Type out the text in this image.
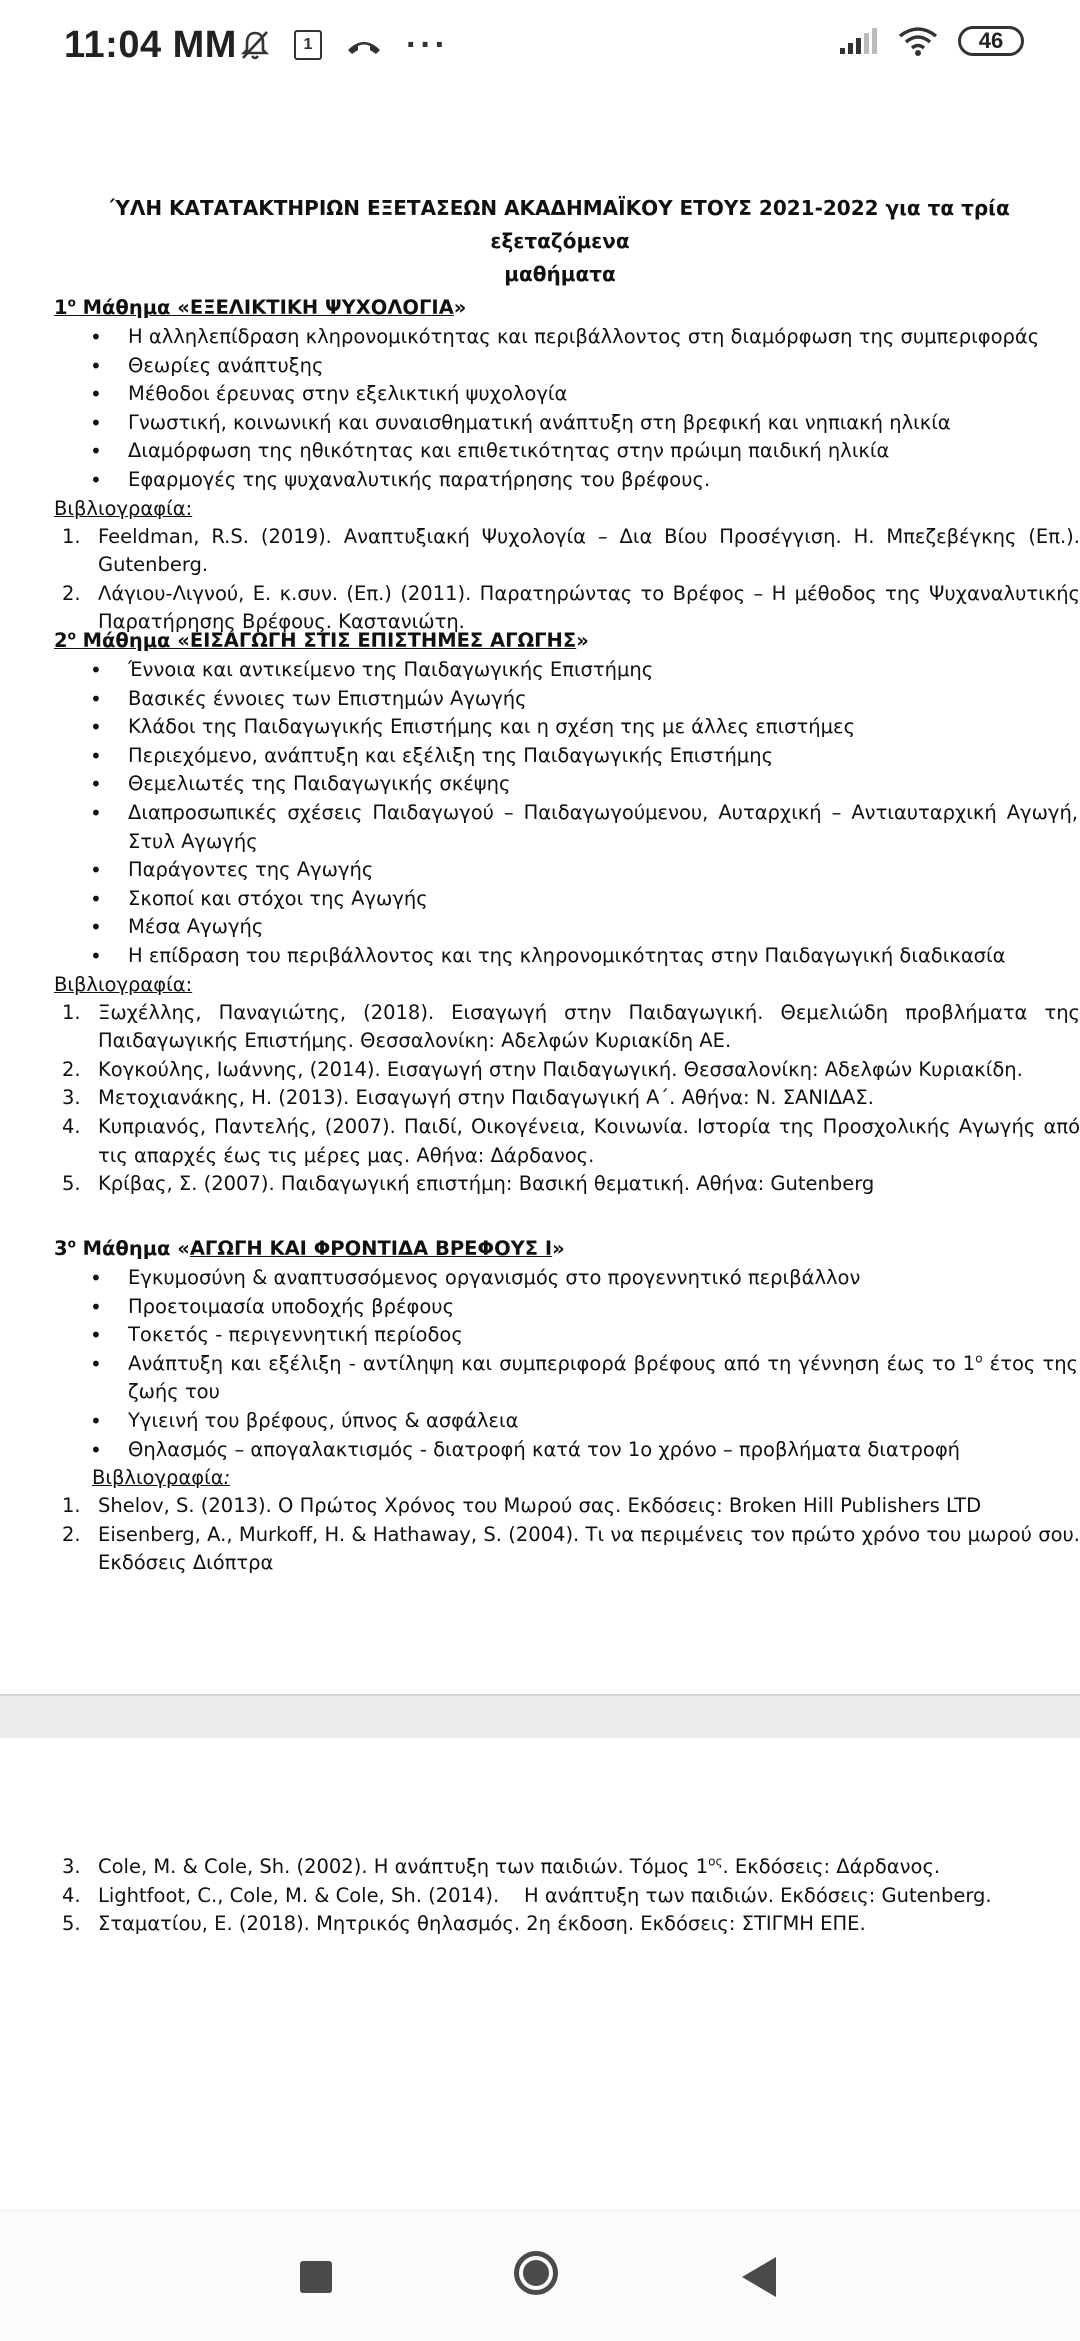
11:04 ΜΜ	1	···	46
ΎΛΗ ΚΑΤΑΤΑΚΤΗΡΙΩΝ ΕΞΕΤΑΣΕΩΝ ΑΚΑΔΗΜΑΪΚΟΥ ΕΤΟΥΣ 2021-2022 για τα τρία εξεταζόμενα
μαθήματα
$1^o$ Μάθημα «ΕΞΕΛΙΚΤΙΚΗ ΨΥΧΟΛΟΓΙΑ»
• Η αλληλεπίδραση κληρονομικότητας και περιβάλλοντος στη διαμόρφωση της συμπεριφοράς
• Θεωρίες ανάπτυξης
• Μέθοδοι έρευνας στην εξελικτική ψυχολογία
• Γνωστική, κοινωνική και συναισθηματική ανάπτυξη στη βρεφική και νηπιακή ηλικία
• Διαμόρφωση της ηθικότητας και επιθετικότητας στην πρώιμη παιδική ηλικία
• Εφαρμογές της ψυχαναλυτικής παρατήρησης του βρέφους.
Βιβλιογραφία:
1. Feeldman, R.S. (2019). Αναπτυξιακή Ψυχολογία – Δια Βίου Προσέγγιση. Η. Μπεζεβέγκης (Επ.). Gutenberg.
2. Λάγιου-Λιγνού, Ε. κ.συν. (Επ.) (2011). Παρατηρώντας το Βρέφος – Η μέθοδος της Ψυχαναλυτικής Παρατήρησης Βρέφους. Καστανιώτη.
$2^o$ Μάθημα «ΕΙΣΑΓΩΓΗ ΣΤΙΣ ΕΠΙΣΤΗΜΕΣ ΑΓΩΓΗΣ»
• Έννοια και αντικείμενο της Παιδαγωγικής Επιστήμης
• Βασικές έννοιες των Επιστημών Αγωγής
• Κλάδοι της Παιδαγωγικής Επιστήμης και η σχέση της με άλλες επιστήμες
• Περιεχόμενο, ανάπτυξη και εξέλιξη της Παιδαγωγικής Επιστήμης
• Θεμελιωτές της Παιδαγωγικής σκέψης
• Διαπροσωπικές σχέσεις Παιδαγωγού – Παιδαγωγούμενου, Αυταρχική – Αντιαυταρχική Αγωγή, Στυλ Αγωγής
• Παράγοντες της Αγωγής
• Σκοποί και στόχοι της Αγωγής
• Μέσα Αγωγής
• Η επίδραση του περιβάλλοντος και της κληρονομικότητας στην Παιδαγωγική διαδικασία
Βιβλιογραφία:
1. Ξωχέλλης, Παναγιώτης, (2018). Εισαγωγή στην Παιδαγωγική. Θεμελιώδη προβλήματα της Παιδαγωγικής Επιστήμης. Θεσσαλονίκη: Αδελφών Κυριακίδη ΑΕ.
2. Κογκούλης, Ιωάννης, (2014). Εισαγωγή στην Παιδαγωγική. Θεσσαλονίκη: Αδελφών Κυριακίδη.
3. Μετοχιανάκης, Η. (2013). Εισαγωγή στην Παιδαγωγική Α΄. Αθήνα: Ν. ΣΑΝΙΔΑΣ.
4. Κυπριανός, Παντελής, (2007). Παιδί, Οικογένεια, Κοινωνία. Ιστορία της Προσχολικής Αγωγής από τις απαρχές έως τις μέρες μας. Αθήνα: Δάρδανος.
5. Κρίβας, Σ. (2007). Παιδαγωγική επιστήμη: Βασική θεματική. Αθήνα: Gutenberg
$3^o$ Μάθημα «ΑΓΩΓΗ ΚΑΙ ΦΡΟΝΤΙΔΑ ΒΡΕΦΟΥΣ Ι»
• Εγκυμοσύνη & αναπτυσσόμενος οργανισμός στο προγεννητικό περιβάλλον
• Προετοιμασία υποδοχής βρέφους
• Τοκετός - περιγεννητική περίοδος
• Ανάπτυξη και εξέλιξη - αντίληψη και συμπεριφορά βρέφους από τη γέννηση έως το $1^o$ έτος της ζωής του
• Υγιεινή του βρέφους, ύπνος & ασφάλεια
• Θηλασμός – απογαλακτισμός - διατροφή κατά τον 1ο χρόνο – προβλήματα διατροφή
Βιβλιογραφία:
1. Shelov, S. (2013). Ο Πρώτος Χρόνος του Μωρού σας. Εκδόσεις: Broken Hill Publishers LTD
2. Eisenberg, A., Murkoff, H. & Hathaway, S. (2004). Τι να περιμένεις τον πρώτο χρόνο του μωρού σου. Εκδόσεις Διόπτρα
3. Cole, M. & Cole, Sh. (2002). Η ανάπτυξη των παιδιών. Τόμος $1^{o\varsigma}$. Εκδόσεις: Δάρδανος.
4. Lightfoot, C., Cole, M. & Cole, Sh. (2014).    Η ανάπτυξη των παιδιών. Εκδόσεις: Gutenberg.
5. Σταματίου, Ε. (2018). Μητρικός θηλασμός. 2η έκδοση. Εκδόσεις: ΣΤΙΓΜΗ ΕΠΕ.
